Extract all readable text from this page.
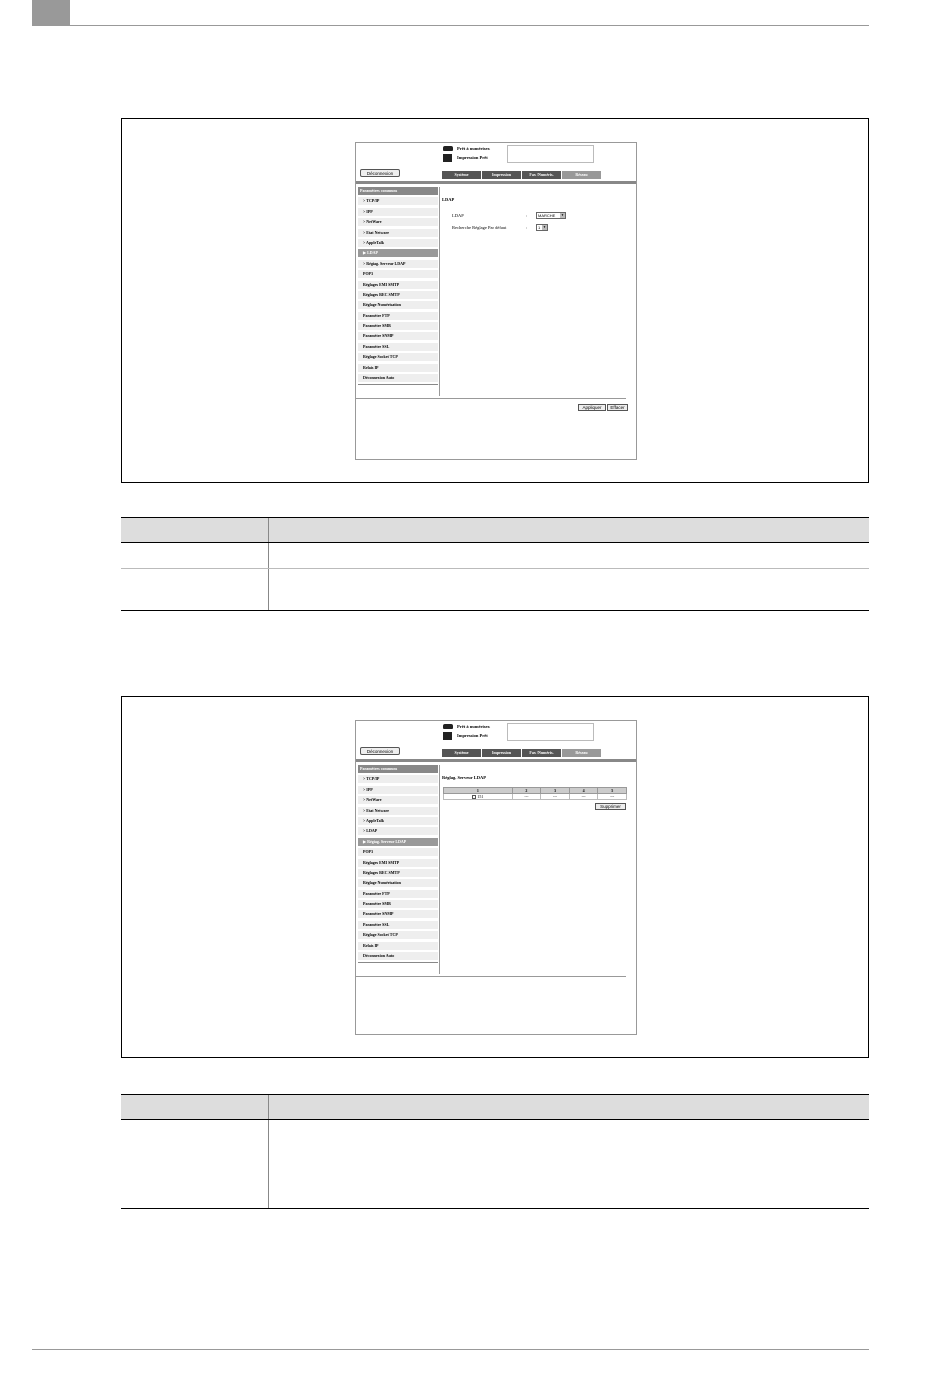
Prêt à numériser.
Impression Prêt
Déconnexion	Système	Impression	Fax /Numéris.	Réseau
Paramètres communs
> TCP/IP
> IPP
> NetWare
> Etat Netware
> AppleTalk
▶ LDAP
> Régiag. Serveur LDAP
POP3
Réglages EMI SMTP
Réglages REC SMTP
Réglage Numérisation
Paramètre FTP
Paramètre SMB
Paramètre SNMP
Paramètre SSL
Réglage Socket TCP
Relais IP
Déconnexion Auto
LDAP
LDAP	:	MARCHE	▼
Recherche Réglage Par défaut	:	1 ▼
Appliquer	Effacer

Prêt à numériser.
Impression Prêt
Déconnexion	Système	Impression	Fax /Numéris.	Réseau
Paramètres communs
> TCP/IP
> IPP
> NetWare
> Etat Netware
> AppleTalk
> LDAP
▶ Régiag. Serveur LDAP
POP3
Réglages EMI SMTP
Réglages REC SMTP
Réglage Numérisation
Paramètre FTP
Paramètre SMB
Paramètre SNMP
Paramètre SSL
Réglage Socket TCP
Relais IP
Déconnexion Auto
Réglag. Serveur LDAP
1	2	3	4	5
151	---	---	---	---
Supprimer
